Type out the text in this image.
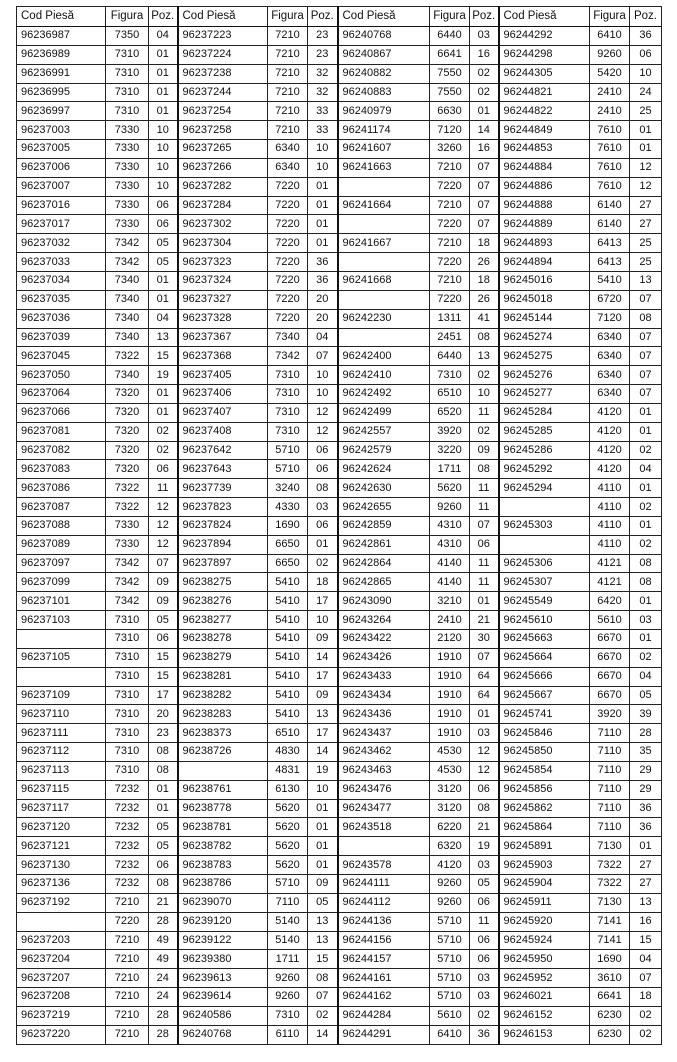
Cod Piesă	Figura	Poz.	Cod Piesă	Figura	Poz.	Cod Piesă	Figura	Poz.	Cod Piesă	Figura	Poz.
96236987	7350	04	96237223	7210	23	96240768	6440	03	96244292	6410	36
96236989	7310	01	96237224	7210	23	96240867	6641	16	96244298	9260	06
96236991	7310	01	96237238	7210	32	96240882	7550	02	96244305	5420	10
96236995	7310	01	96237244	7210	32	96240883	7550	02	96244821	2410	24
96236997	7310	01	96237254	7210	33	96240979	6630	01	96244822	2410	25
96237003	7330	10	96237258	7210	33	96241174	7120	14	96244849	7610	01
96237005	7330	10	96237265	6340	10	96241607	3260	16	96244853	7610	01
96237006	7330	10	96237266	6340	10	96241663	7210	07	96244884	7610	12
96237007	7330	10	96237282	7220	01		7220	07	96244886	7610	12
96237016	7330	06	96237284	7220	01	96241664	7210	07	96244888	6140	27
96237017	7330	06	96237302	7220	01		7220	07	96244889	6140	27
96237032	7342	05	96237304	7220	01	96241667	7210	18	96244893	6413	25
96237033	7342	05	96237323	7220	36		7220	26	96244894	6413	25
96237034	7340	01	96237324	7220	36	96241668	7210	18	96245016	5410	13
96237035	7340	01	96237327	7220	20		7220	26	96245018	6720	07
96237036	7340	04	96237328	7220	20	96242230	1311	41	96245144	7120	08
96237039	7340	13	96237367	7340	04		2451	08	96245274	6340	07
96237045	7322	15	96237368	7342	07	96242400	6440	13	96245275	6340	07
96237050	7340	19	96237405	7310	10	96242410	7310	02	96245276	6340	07
96237064	7320	01	96237406	7310	10	96242492	6510	10	96245277	6340	07
96237066	7320	01	96237407	7310	12	96242499	6520	11	96245284	4120	01
96237081	7320	02	96237408	7310	12	96242557	3920	02	96245285	4120	01
96237082	7320	02	96237642	5710	06	96242579	3220	09	96245286	4120	02
96237083	7320	06	96237643	5710	06	96242624	1711	08	96245292	4120	04
96237086	7322	11	96237739	3240	08	96242630	5620	11	96245294	4110	01
96237087	7322	12	96237823	4330	03	96242655	9260	11		4110	02
96237088	7330	12	96237824	1690	06	96242859	4310	07	96245303	4110	01
96237089	7330	12	96237894	6650	01	96242861	4310	06		4110	02
96237097	7342	07	96237897	6650	02	96242864	4140	11	96245306	4121	08
96237099	7342	09	96238275	5410	18	96242865	4140	11	96245307	4121	08
96237101	7342	09	96238276	5410	17	96243090	3210	01	96245549	6420	01
96237103	7310	05	96238277	5410	10	96243264	2410	21	96245610	5610	03
	7310	06	96238278	5410	09	96243422	2120	30	96245663	6670	01
96237105	7310	15	96238279	5410	14	96243426	1910	07	96245664	6670	02
	7310	15	96238281	5410	17	96243433	1910	64	96245666	6670	04
96237109	7310	17	96238282	5410	09	96243434	1910	64	96245667	6670	05
96237110	7310	20	96238283	5410	13	96243436	1910	01	96245741	3920	39
96237111	7310	23	96238373	6510	17	96243437	1910	03	96245846	7110	28
96237112	7310	08	96238726	4830	14	96243462	4530	12	96245850	7110	35
96237113	7310	08		4831	19	96243463	4530	12	96245854	7110	29
96237115	7232	01	96238761	6130	10	96243476	3120	06	96245856	7110	29
96237117	7232	01	96238778	5620	01	96243477	3120	08	96245862	7110	36
96237120	7232	05	96238781	5620	01	96243518	6220	21	96245864	7110	36
96237121	7232	05	96238782	5620	01		6320	19	96245891	7130	01
96237130	7232	06	96238783	5620	01	96243578	4120	03	96245903	7322	27
96237136	7232	08	96238786	5710	09	96244111	9260	05	96245904	7322	27
96237192	7210	21	96239070	7110	05	96244112	9260	06	96245911	7130	13
	7220	28	96239120	5140	13	96244136	5710	11	96245920	7141	16
96237203	7210	49	96239122	5140	13	96244156	5710	06	96245924	7141	15
96237204	7210	49	96239380	1711	15	96244157	5710	06	96245950	1690	04
96237207	7210	24	96239613	9260	08	96244161	5710	03	96245952	3610	07
96237208	7210	24	96239614	9260	07	96244162	5710	03	96246021	6641	18
96237219	7210	28	96240586	7310	02	96244284	5610	02	96246152	6230	02
96237220	7210	28	96240768	6110	14	96244291	6410	36	96246153	6230	02
